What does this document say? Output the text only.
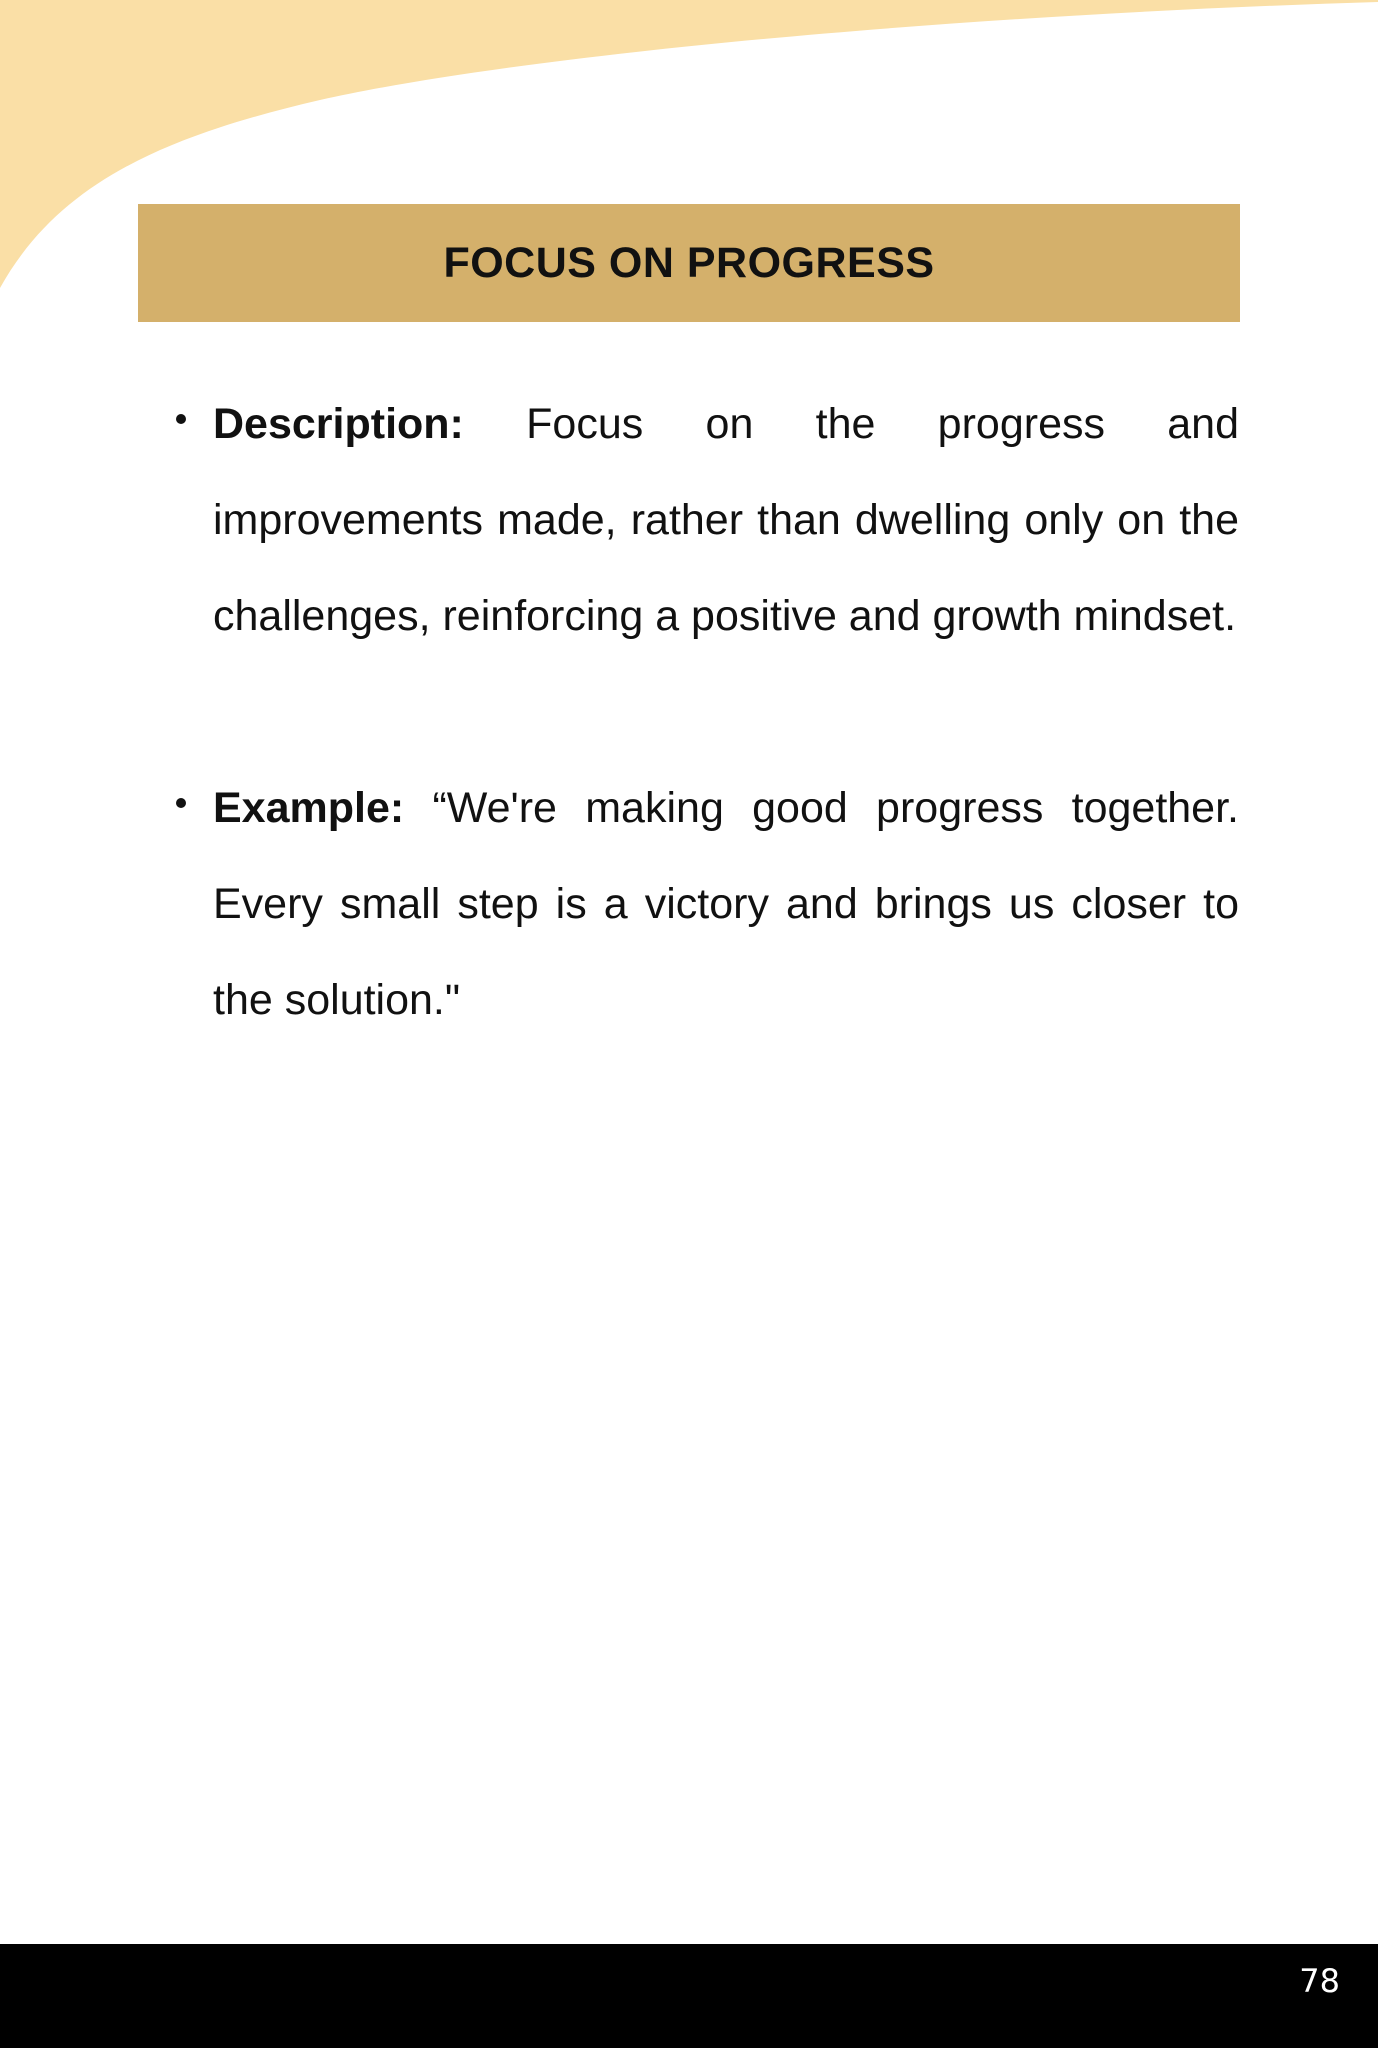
FOCUS ON PROGRESS
Description: Focus on the progress and improvements made, rather than dwelling only on the challenges, reinforcing a positive and growth mindset.
Example: “We're making good progress together. Every small step is a victory and brings us closer to the solution."
78
